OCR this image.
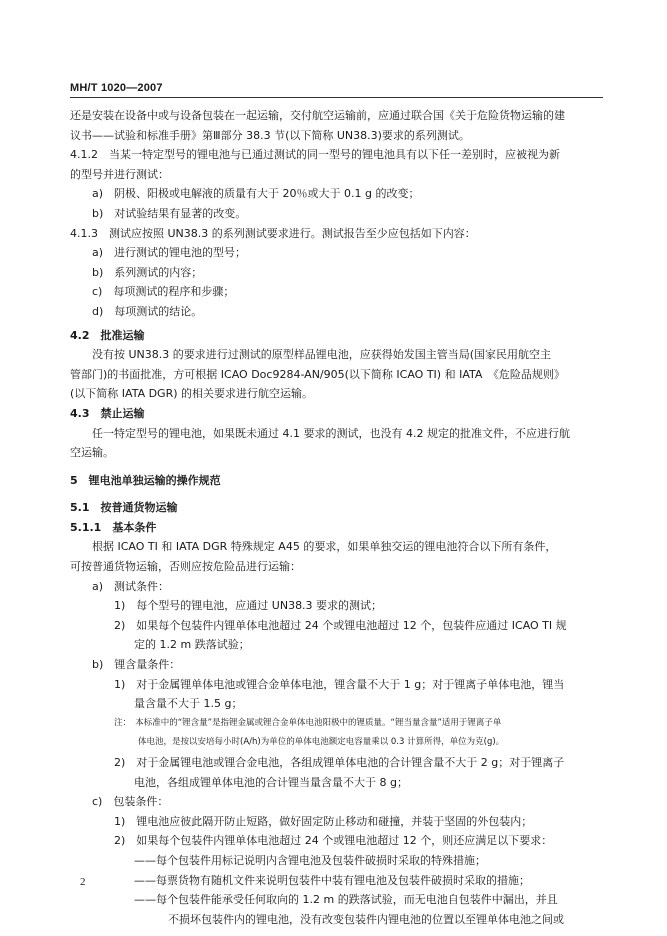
MH/T 1020—2007
还是安装在设备中或与设备包装在一起运输，交付航空运输前，应通过联合国《关于危险货物运输的建
议书——试验和标准手册》第Ⅲ部分 38.3 节(以下简称 UN38.3)要求的系列测试。
4.1.2　当某一特定型号的锂电池与已通过测试的同一型号的锂电池具有以下任一差别时，应被视为新
的型号并进行测试：
a)　阴极、阳极或电解液的质量有大于 20％或大于 0.1 g 的改变；
b)　对试验结果有显著的改变。
4.1.3　测试应按照 UN38.3 的系列测试要求进行。测试报告至少应包括如下内容：
a)　进行测试的锂电池的型号；
b)　系列测试的内容；
c)　每项测试的程序和步骤；
d)　每项测试的结论。
4.2　批准运输
没有按 UN38.3 的要求进行过测试的原型样品锂电池，应获得始发国主管当局(国家民用航空主
管部门)的书面批准，方可根据 ICAO Doc9284-AN/905(以下简称 ICAO TI) 和 IATA　《危险品规则》
(以下简称 IATA DGR) 的相关要求进行航空运输。
4.3　禁止运输
任一特定型号的锂电池，如果既未通过 4.1 要求的测试，也没有 4.2 规定的批准文件，不应进行航
空运输。
5　锂电池单独运输的操作规范
5.1　按普通货物运输
5.1.1　基本条件
根据 ICAO TI 和 IATA DGR 特殊规定 A45 的要求，如果单独交运的锂电池符合以下所有条件，
可按普通货物运输，否则应按危险品进行运输：
a)　测试条件：
1)　每个型号的锂电池，应通过 UN38.3 要求的测试；
2)　如果每个包装件内锂单体电池超过 24 个或锂电池超过 12 个，包装件应通过 ICAO TI 规
定的 1.2 m 跌落试验；
b)　锂含量条件：
1)　对于金属锂单体电池或锂合金单体电池，锂含量不大于 1 g；对于锂离子单体电池，锂当
量含量不大于 1.5 g；
注：　本标准中的“锂含量”是指锂金属或锂合金单体电池阳极中的锂质量。“锂当量含量”适用于锂离子单
体电池，是按以安培每小时(A/h)为单位的单体电池额定电容量乘以 0.3 计算所得，单位为克(g)。
2)　对于金属锂电池或锂合金电池，各组成锂单体电池的合计锂含量不大于 2 g；对于锂离子
电池，各组成锂单体电池的合计锂当量含量不大于 8 g；
c)　包装条件：
1)　锂电池应彼此隔开防止短路，做好固定防止移动和碰撞，并装于坚固的外包装内；
2)　如果每个包装件内锂单体电池超过 24 个或锂电池超过 12 个，则还应满足以下要求：
——每个包装件用标记说明内含锂电池及包装件破损时采取的特殊措施；
——每票货物有随机文件来说明包装件中装有锂电池及包装件破损时采取的措施；
——每个包装件能承受任何取向的 1.2 m 的跌落试验，而无电池自包装件中漏出，并且
不损坏包装件内的锂电池，没有改变包装件内锂电池的位置以至锂单体电池之间或
2
